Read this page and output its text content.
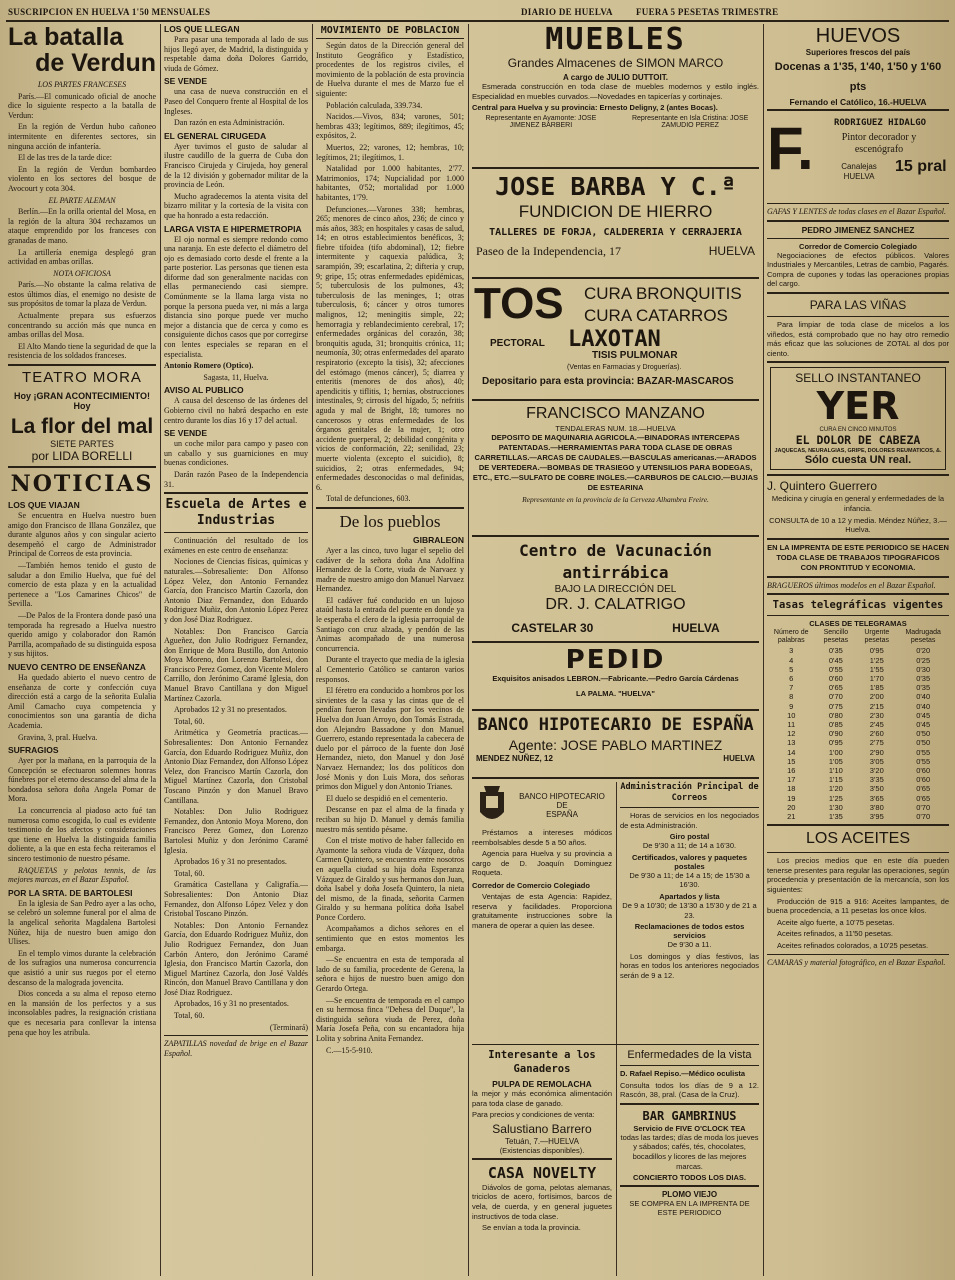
SUSCRIPCION EN HUELVA 1'50 MENSUALES	DIARIO DE HUELVA	FUERA 5 PESETAS TRIMESTRE
La batalla
de Verdun
LOS PARTES FRANCESES

París.—El comunicado oficial de anoche dice lo siguiente respecto a la batalla de Verdun:

En la región de Verdun hubo cañoneo intermitente en diferentes sectores, sin ninguna acción de infantería.

El de las tres de la tarde dice:

En la región de Verdun bombardeo violento en los sectores del bosque de Avocourt y cota 304.

EL PARTE ALEMAN

Berlín.—En la orilla oriental del Mosa, en la región de la altura 304 rechazamos un ataque emprendido por los franceses con granadas de mano.

La artillería enemiga desplegó gran actividad en ambas orillas.

NOTA OFICIOSA

París.—No obstante la calma relativa de estos últimos días, el enemigo no desiste de sus propósitos de tomar la plaza de Verdun.

Actualmente prepara sus esfuerzos concentrando su acción más que nunca en ambas orillas del Mosa.

El Alto Mando tiene la seguridad de que la resistencia de los soldados franceses.

TEATRO MORA
Hoy ¡GRAN ACONTECIMIENTO! Hoy
La flor del mal
SIETE PARTES
por LIDA BORELLI
NOTICIAS
LOS QUE VIAJAN

Se encuentra en Huelva nuestro buen amigo don Francisco de Illana González, que durante algunos años y con singular acierto desempeñó el cargo de Administrador Principal de Correos de esta provincia.

—También hemos tenido el gusto de saludar a don Emilio Huelva, que fué del comercio de esta plaza y en la actualidad pertenece a "Los Camarines Chicos" de Sevilla.

—De Palos de la Frontera donde pasó una temporada ha regresado a Huelva nuestro querido amigo y colaborador don Ramón Parrilla, acompañado de su distinguida esposa y sus hijitos.

NUEVO CENTRO DE ENSEÑANZA

Ha quedado abierto el nuevo centro de enseñanza de corte y confección cuya dirección está a cargo de la señorita Eulalia Amil Camacho cuya competencia y conocimientos son una garantía de dicha Academia.

Gravina, 3, pral. Huelva.

SUFRAGIOS

Ayer por la mañana, en la parroquia de la Concepción se efectuaron solemnes honras fúnebres por el eterno descanso del alma de la bondadosa señora doña Angela Pomar de Mora.

La concurrencia al piadoso acto fué tan numerosa como escogida, lo cual es evidente testimonio de los afectos y consideraciones que tiene en Huelva la distinguida familia doliente, a la que en esta fecha reiteramos el sincero testimonio de nuestro pésame.

RAQUETAS y pelotas tennis, de las mejores marcas, en el Bazar Español.

POR LA SRTA. DE BARTOLESI

En la iglesia de San Pedro ayer a las ocho, se celebró un solemne funeral por el alma de la angelical señorita Magdalena Bartolesi Núñez, hija de nuestro buen amigo don Ulises.

En el templo vimos durante la celebración de los sufragios una numerosa concurrencia que asistió a unir sus ruegos por el eterno descanso de la malograda jovencita.

Dios conceda a su alma el reposo eterno en la mansión de los perfectos y a sus inconsolables padres, la resignación cristiana que es necesaria para conllevar la intensa pena que hoy les atribula.

LOS QUE LLEGAN

Para pasar una temporada al lado de sus hijos llegó ayer, de Madrid, la distinguida y respetable dama doña Dolores Garrido, viuda de Gómez.

SE VENDE

una casa de nueva construcción en el Paseo del Conquero frente al Hospital de los Ingleses.

Dan razón en esta Administración.

EL GENERAL CIRUGEDA

Ayer tuvimos el gusto de saludar al ilustre caudillo de la guerra de Cuba don Francisco Cirujeda y Cirujeda, hoy general de la 12 división y gobernador militar de la provincia de León.

Mucho agradecemos la atenta visita del bizarro militar y la cortesía de la visita con que ha honrado a esta redacción.

LARGA VISTA E HIPERMETROPIA

El ojo normal es siempre redondo como una naranja. En este defecto el diámetro del ojo es demasiado corto desde el frente a la parte posterior. Las personas que tienen esta diforme dad son generalmente nacidas con ellas permaneciendo casi siempre. Comúnmente se la llama larga vista no porque la persona pueda ver, ni más a larga distancia sino porque puede ver mucho mejor a distancia que de cerca y como es consiguiente dichos casos que por corregirse con lentes especiales se reparan en el especialista.

Antonio Romero (Optico).

Sagasta, 11, Huelva.

AVISO AL PUBLICO

A causa del descenso de las órdenes del Gobierno civil no habrá despacho en este centro durante los días 16 y 17 del actual.

SE VENDE

un coche milor para campo y paseo con un caballo y sus guarniciones en muy buenas condiciones.

Darán razón Paseo de la Independencia 31.

Escuela de Artes e Industrias

Continuación del resultado de los exámenes en este centro de enseñanza:

Nociones de Ciencias físicas, químicas y naturales.—Sobresaliente: Don Alfonso López Velez, don Antonio Fernandez García, don Francisco Martín Cazorla, don Antonio Diaz Fernandez, don Eduardo Rodriguez Muñiz, don Antonio López Perez y don José Diaz Rodriguez.

Notables: Don Francisco García Agueñez, don Julio Rodriguez Fernandez, don Enrique de Mora Bustillo, don Antonio Moya Moreno, don Lorenzo Bartolesi, don Francisco Perez Gomez, don Vicente Molero Carrillo, don Jerónimo Caramé Iglesia, don Manuel Bravo Cantillana y don Miguel Martínez Cazorla.

Aprobados 12 y 31 no presentados.

Total, 60.

Aritmética y Geometría practicas.—Sobresalientes: Don Antonio Fernandez García, don Eduardo Rodriguez Muñiz, don Antonio Diaz Fernandez, don Alfonso López Velez, don Francisco Martín Cazorla, don Miguel Martínez Cazorla, don Cristobal Toscano Pinzón y don Manuel Bravo Cantillana.

Notables: Don Julio Rodriguez Fernandez, don Antonio Moya Moreno, don Francisco Perez Gomez, don Lorenzo Bartolesi Muñiz y don Jerónimo Caramé Iglesia.

Aprobados 16 y 31 no presentados.

Total, 60.

Gramática Castellana y Caligrafía.—Sobresalientes: Don Antonio Diaz Fernandez, don Alfonso López Velez y don Cristobal Toscano Pinzón.

Notables: Don Antonio Fernandez García, don Eduardo Rodriguez Muñiz, don Julio Rodriguez Fernandez, don Juan Carbón Antero, don Jerónimo Caramé Iglesia, don Francisco Martín Cazorla, don Miguel Martínez Cazorla, don José Valdés Rincón, don Manuel Bravo Cantillana y don José Diaz Rodriguez.

Aprobados, 16 y 31 no presentados.

Total, 60.

(Terminará)

ZAPATILLAS novedad de brige en el Bazar Español.

MOVIMIENTO DE POBLACION

Según datos de la Dirección general del Instituto Geográfico y Estadístico, procedentes de los registros civiles, el movimiento de la población de esta provincia de Huelva durante el mes de Marzo fue el siguiente:

Población calculada, 339.734.

Nacidos.—Vivos, 834; varones, 501; hembras 433; legítimos, 889; ilegítimos, 45; expósitos, 2.

Muertos, 22; varones, 12; hembras, 10; legítimos, 21; ilegítimos, 1.

Natalidad por 1.000 habitantes, 2'77. Matrimonios, 174; Nupcialidad por 1.000 habitantes, 0'52; mortalidad por 1.000 habitantes, 1'79.

Defunciones.—Varones 338; hembras, 265; menores de cinco años, 236; de cinco y más años, 383; en hospitales y casas de salud, 14; en otros establecimientos benéficos, 3; fiebre tifoidea (tifo abdominal), 12; fiebre intermitente y caquexia palúdica, 3; sarampión, 39; escarlatina, 2; difteria y crup, 9; gripe, 15; otras enfermedades epidémicas, 5; tuberculosis de los pulmones, 43; tuberculosis de las meninges, 1; otras tuberculosis, 6; cáncer y otros tumores malignos, 12; meningitis simple, 22; hemorragia y reblandecimiento cerebral, 17; enfermedades orgánicas del corazón, 38; bronquitis aguda, 31; bronquitis crónica, 11; neumonía, 30; otras enfermedades del aparato respiratorio (excepto la tisis), 32; afecciones del estómago (menos cáncer), 5; diarrea y enteritis (menores de dos años), 40; apendicitis y tiflitis, 1; hernias, obstrucciones intestinales, 9; cirrosis del hígado, 5; nefritis aguda y mal de Bright, 18; tumores no cancerosos y otras enfermedades de los órganos genitales de la mujer, 1; otro accidente puerperal, 2; debilidad congénita y vicios de conformación, 22; senilidad, 23; muerte violenta (excepto el suicidio), 8; suicidios, 2; otras enfermedades, 94; enfermedades desconocidas o mal definidas, 6.

Total de defunciones, 603.

De los pueblos
GIBRALEON

Ayer a las cinco, tuvo lugar el sepelio del cadáver de la señora doña Ana Adolfina Hernandez de la Corte, viuda de Narvaez y madre de nuestro amigo don Manuel Narvaez Hernandez.

El cadáver fué conducido en un lujoso ataúd hasta la entrada del puente en donde ya le esperaba el clero de la iglesia parroquial de Santiago con cruz alzada, y pendón de las Animas acompañado de una numerosa concurrencia.

Durante el trayecto que media de la iglesia al Cementerio Católico se cantaron varios responsos.

El féretro era conducido a hombros por los sirvientes de la casa y las cintas que de el pendían fueron llevadas por los vecinos de Huelva don Juan Arroyo, don Tomás Estrada, don Alejandro Bassadone y don Manuel Guerrero, estando representada la cabecera de duelo por el párroco de la fuente don José Hernandez, nieto, don Manuel y don José Narvaez Hernandez; los dos políticos don José Monis y don Luis Mora, dos señoras primos don Miguel y don Antonio Trianes.

El duelo se despidió en el cementerio.

Descanse en paz el alma de la finada y reciban su hijo D. Manuel y demás familia nuestro más sentido pésame.

Con el triste motivo de haber fallecido en Ayamonte la señora viuda de Vázquez, doña Carmen Quintero, se encuentra entre nosotros en aquella ciudad su hija doña Esperanza Vázquez de Giraldo y sus hermanos don Juan, doña Isabel y doña Josefa Quintero, la nieta del mismo, de la finada, señorita Carmen Giraldo y su hermana política doña Isabel Ponce Cordero.

Acompañamos a dichos señores en el sentimiento que en estos momentos les embarga.

—Se encuentra en esta de temporada al lado de su familia, procedente de Gerena, la señora e hijos de nuestro buen amigo don Gerardo Ortega.

—Se encuentra de temporada en el campo en su hermosa finca "Dehesa del Duque", la distinguida señora viuda de Perez, doña María Josefa Peña, con su encantadora hija Lolita y sobrina Anita Fernandez.

C.—15-5-910.

MUEBLES
Grandes Almacenes de SIMON MARCO
A cargo de JULIO DUTTOIT.

Esmerada construcción en toda clase de muebles modernos y estilo inglés. Especialidad en muebles curvados.—Novedades en tapicerías y cortinajes.

Central para Huelva y su provincia: Ernesto Deligny, 2 (antes Bocas).

Representante en Ayamonte: JOSE JIMENEZ BARBERI
Representante en Isla Cristina: JOSE ZAMUDIO PEREZ
JOSE BARBA Y C.ª
FUNDICION DE HIERRO
TALLERES DE FORJA, CALDERERIA Y CERRAJERIA
Paseo de la Independencia, 17	HUELVA
TOS CURA BRONQUITIS
CURA CATARROS
PECTORAL LAXOTAN
TISIS PULMONAR
(Ventas en Farmacias y Droguerías).
Depositario para esta provincia: BAZAR-MASCAROS
FRANCISCO MANZANO
TENDALERAS NUM. 18.—HUELVA

DEPOSITO DE MAQUINARIA AGRICOLA.—BINADORAS INTERCEPAS PATENTADAS.—HERRAMIENTAS PARA TODA CLASE DE OBRAS CARRETILLAS.—ARCAS DE CAUDALES.—BASCULAS americanas.—ARADOS DE VERTEDERA.—BOMBAS DE TRASIEGO y UTENSILIOS PARA BODEGAS, ETC., ETC.—SULFATO DE COBRE INGLES.—CARBUROS DE CALCIO.—BUJIAS DE ESTEARINA

Representante en la provincia de la Cerveza Alhambra Freire.

Centro de Vacunación antirrábica
BAJO LA DIRECCIÓN DEL
DR. J. CALATRIGO
CASTELAR 30	HUELVA
PEDID
Exquisitos anisados LEBRON.—Fabricante.—Pedro García Cárdenas
LA PALMA. "HUELVA"
BANCO HIPOTECARIO DE ESPAÑA
Agente: JOSE PABLO MARTINEZ
MENDEZ NUÑEZ, 12	HUELVA
BANCO HIPOTECARIO
DE
ESPAÑA

Préstamos a intereses módicos reembolsables desde 5 a 50 años.

Agencia para Huelva y su provincia a cargo de D. Joaquín Dominguez Roqueta.

Corredor de Comercio Colegiado

Ventajas de esta Agencia: Rapidez, reserva y facilidades. Proporciona gratuitamente instrucciones sobre la manera de operar a quien las desee.

Administración Principal de Correos

Horas de servicios en los negociados de esta Administración.

Giro postal

De 9'30 a 11; de 14 a 16'30.

Certificados, valores y paquetes postales

De 9'30 a 11; de 14 a 15; de 15'30 a 16'30.

Apartados y lista

De 9 a 10'30; de 13'30 a 15'30 y de 21 a 23.

Reclamaciones de todos estos servicios

De 9'30 a 11.

Los domingos y días festivos, las horas en todos los anteriores negociados serán de 9 a 12.

Interesante a los Ganaderos
PULPA DE REMOLACHA

la mejor y más económica alimentación para toda clase de ganado.

Para precios y condiciones de venta:

Salustiano Barrero
Tetuán, 7.—HUELVA
(Existencias disponibles).
CASA NOVELTY

Diávolos de goma, pelotas alemanas, triciclos de acero, fortísimos, barcos de vela, de cuerda, y en general juguetes instructivos de toda clase.

Se envían a toda la provincia.

Enfermedades de la vista

D. Rafael Repiso.—Médico oculista

Consulta todos los días de 9 a 12. Rascón, 38, pral. (Casa de la Cruz).

BAR GAMBRINUS
Servicio de FIVE O'CLOCK TEA

todas las tardes; días de moda los jueves y sábados; cafés, tés, chocolates, bocadillos y licores de las mejores marcas.

CONCIERTO TODOS LOS DIAS.
PLOMO VIEJO
SE COMPRA EN LA IMPRENTA DE ESTE PERIODICO
HUEVOS
Superiores frescos del país
Docenas a 1'35, 1'40, 1'50 y 1'60 pts
Fernando el Católico, 16.-HUELVA
F.	RODRIGUEZ HIDALGO
Pintor decorador y escenógrafo
Canalejas HUELVA
15 pral

GAFAS Y LENTES de todas clases en el Bazar Español.

PEDRO JIMENEZ SANCHEZ
Corredor de Comercio Colegiado

Negociaciones de efectos públicos. Valores Industriales y Mercantiles, Letras de cambio, Pagarés. Compra de cupones y todas las operaciones propias del cargo.

PARA LAS VIÑAS

Para limpiar de toda clase de micelos a los viñedos, está comprobado que no hay otro remedio más eficaz que las soluciones de ZOTAL al dos por ciento.

SELLO INSTANTANEO
YER
CURA EN CINCO MINUTOS
EL DOLOR DE CABEZA
JAQUECAS, NEURALGIAS, GRIPE, DOLORES REUMATICOS, &.
Sólo cuesta UN real.
J. Quintero Guerrero

Medicina y cirugía en general y enfermedades de la infancia.

CONSULTA de 10 a 12 y media. Méndez Núñez, 3.—Huelva.

EN LA IMPRENTA DE ESTE PERIODICO SE HACEN TODA CLASE DE TRABAJOS TIPOGRAFICOS CON PRONTITUD Y ECONOMIA.

BRAGUEROS últimos modelos en el Bazar Español.

Tasas telegráficas vigentes
CLASES DE TELEGRAMAS
Número de palabras	Sencillo pesetas	Urgente pesetas	Madrugada pesetas
3	0'35	0'95	0'20
4	0'45	1'25	0'25
5	0'55	1'55	0'30
6	0'60	1'70	0'35
7	0'65	1'85	0'35
8	0'70	2'00	0'40
9	0'75	2'15	0'40
10	0'80	2'30	0'45
11	0'85	2'45	0'45
12	0'90	2'60	0'50
13	0'95	2'75	0'50
14	1'00	2'90	0'55
15	1'05	3'05	0'55
16	1'10	3'20	0'60
17	1'15	3'35	0'60
18	1'20	3'50	0'65
19	1'25	3'65	0'65
20	1'30	3'80	0'70
21	1'35	3'95	0'70
LOS ACEITES

Los precios medios que en este día pueden tenerse presentes para regular las operaciones, según procedencia y presentación de la mercancía, son los siguientes:

Producción de 915 a 916: Aceites lampantes, de buena procedencia, a 11 pesetas los once kilos.

Aceite algo fuerte, a 10'75 pesetas.

Aceites refinados, a 11'50 pesetas.

Aceites refinados colorados, a 10'25 pesetas.

CAMARAS y material fotográfico, en el Bazar Español.
